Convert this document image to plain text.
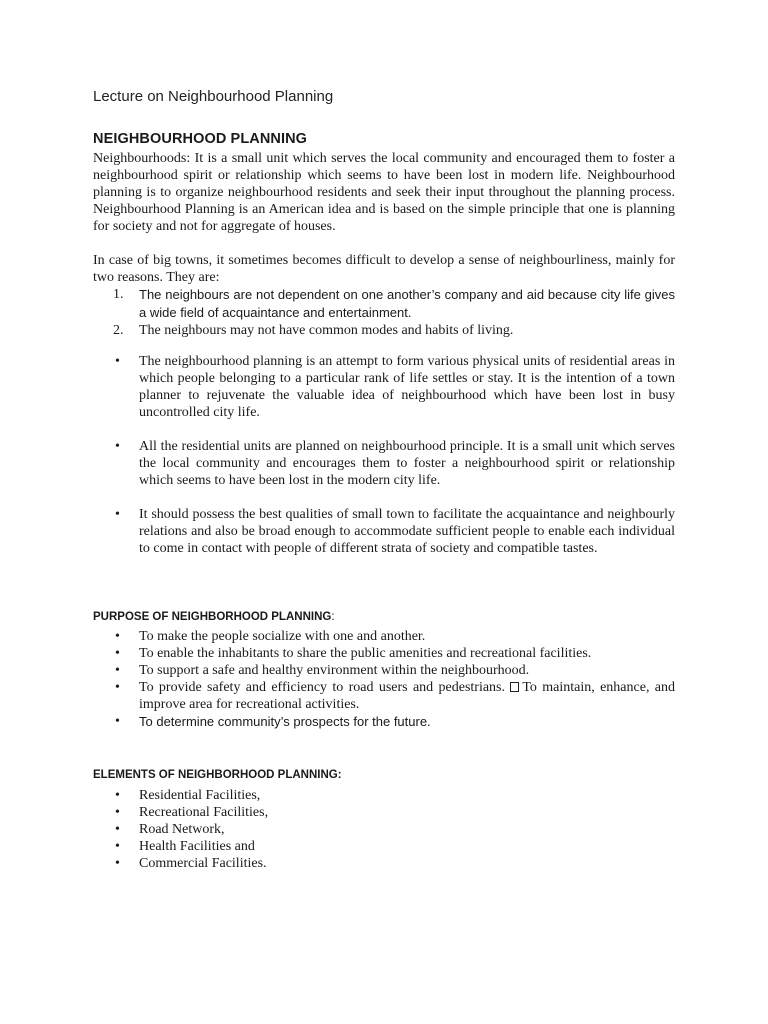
Lecture on Neighbourhood Planning
NEIGHBOURHOOD PLANNING

Neighbourhoods: It is a small unit which serves the local community and encouraged them to foster a neighbourhood spirit or relationship which seems to have been lost in modern life. Neighbourhood planning is to organize neighbourhood residents and seek their input throughout the planning process. Neighbourhood Planning is an American idea and is based on the simple principle that one is planning for society and not for aggregate of houses.

In case of big towns, it sometimes becomes difficult to develop a sense of neighbourliness, mainly for two reasons. They are:

1. The neighbours are not dependent on one another’s company and aid because city life gives a wide field of acquaintance and entertainment.
2. The neighbours may not have common modes and habits of living.
• The neighbourhood planning is an attempt to form various physical units of residential areas in which people belonging to a particular rank of life settles or stay. It is the intention of a town planner to rejuvenate the valuable idea of neighbourhood which have been lost in busy uncontrolled city life.
• All the residential units are planned on neighbourhood principle. It is a small unit which serves the local community and encourages them to foster a neighbourhood spirit or relationship which seems to have been lost in the modern city life.
• It should possess the best qualities of small town to facilitate the acquaintance and neighbourly relations and also be broad enough to accommodate sufficient people to enable each individual to come in contact with people of different strata of society and compatible tastes.
PURPOSE OF NEIGHBORHOOD PLANNING:
• To make the people socialize with one and another.
• To enable the inhabitants to share the public amenities and recreational facilities.
• To support a safe and healthy environment within the neighbourhood.
• To provide safety and efficiency to road users and pedestrians. To maintain, enhance, and improve area for recreational activities.
• To determine community’s prospects for the future.
ELEMENTS OF NEIGHBORHOOD PLANNING:
• Residential Facilities,
• Recreational Facilities,
• Road Network,
• Health Facilities and
• Commercial Facilities.
